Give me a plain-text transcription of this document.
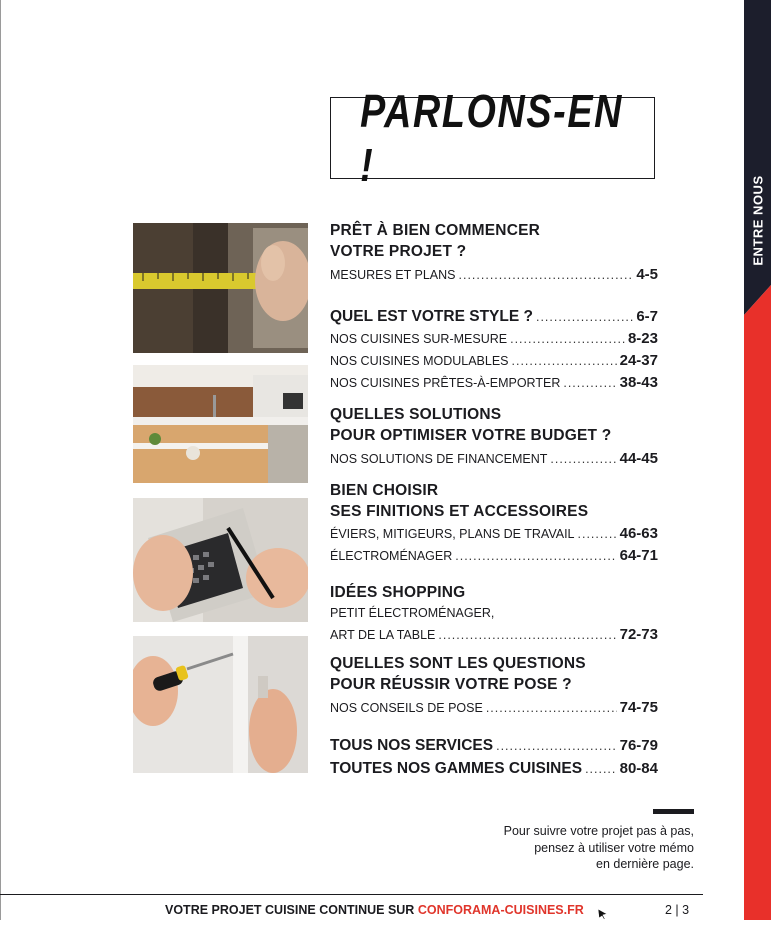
ENTRE NOUS
PARLONS-EN !
PRÊT À BIEN COMMENCER
VOTRE PROJET ?
MESURES ET PLANS .....	4-5
QUEL EST VOTRE STYLE ? .....	6-7
NOS CUISINES SUR-MESURE .....	8-23
NOS CUISINES MODULABLES .....	24-37
NOS CUISINES PRÊTES-À-EMPORTER .....	38-43
QUELLES SOLUTIONS
POUR OPTIMISER VOTRE BUDGET ?
NOS SOLUTIONS DE FINANCEMENT .....	44-45
BIEN CHOISIR
SES FINITIONS ET ACCESSOIRES
ÉVIERS, MITIGEURS, PLANS DE TRAVAIL .....	46-63
ÉLECTROMÉNAGER .....	64-71
IDÉES SHOPPING
PETIT ÉLECTROMÉNAGER,
ART DE LA TABLE .....	72-73
QUELLES SONT LES QUESTIONS
POUR RÉUSSIR VOTRE POSE ?
NOS CONSEILS DE POSE .....	74-75
TOUS NOS SERVICES .....	76-79
TOUTES NOS GAMMES CUISINES .....	80-84
Pour suivre votre projet pas à pas,
pensez à utiliser votre mémo
en dernière page.
VOTRE PROJET CUISINE CONTINUE SUR CONFORAMA-CUISINES.FR	2 | 3
